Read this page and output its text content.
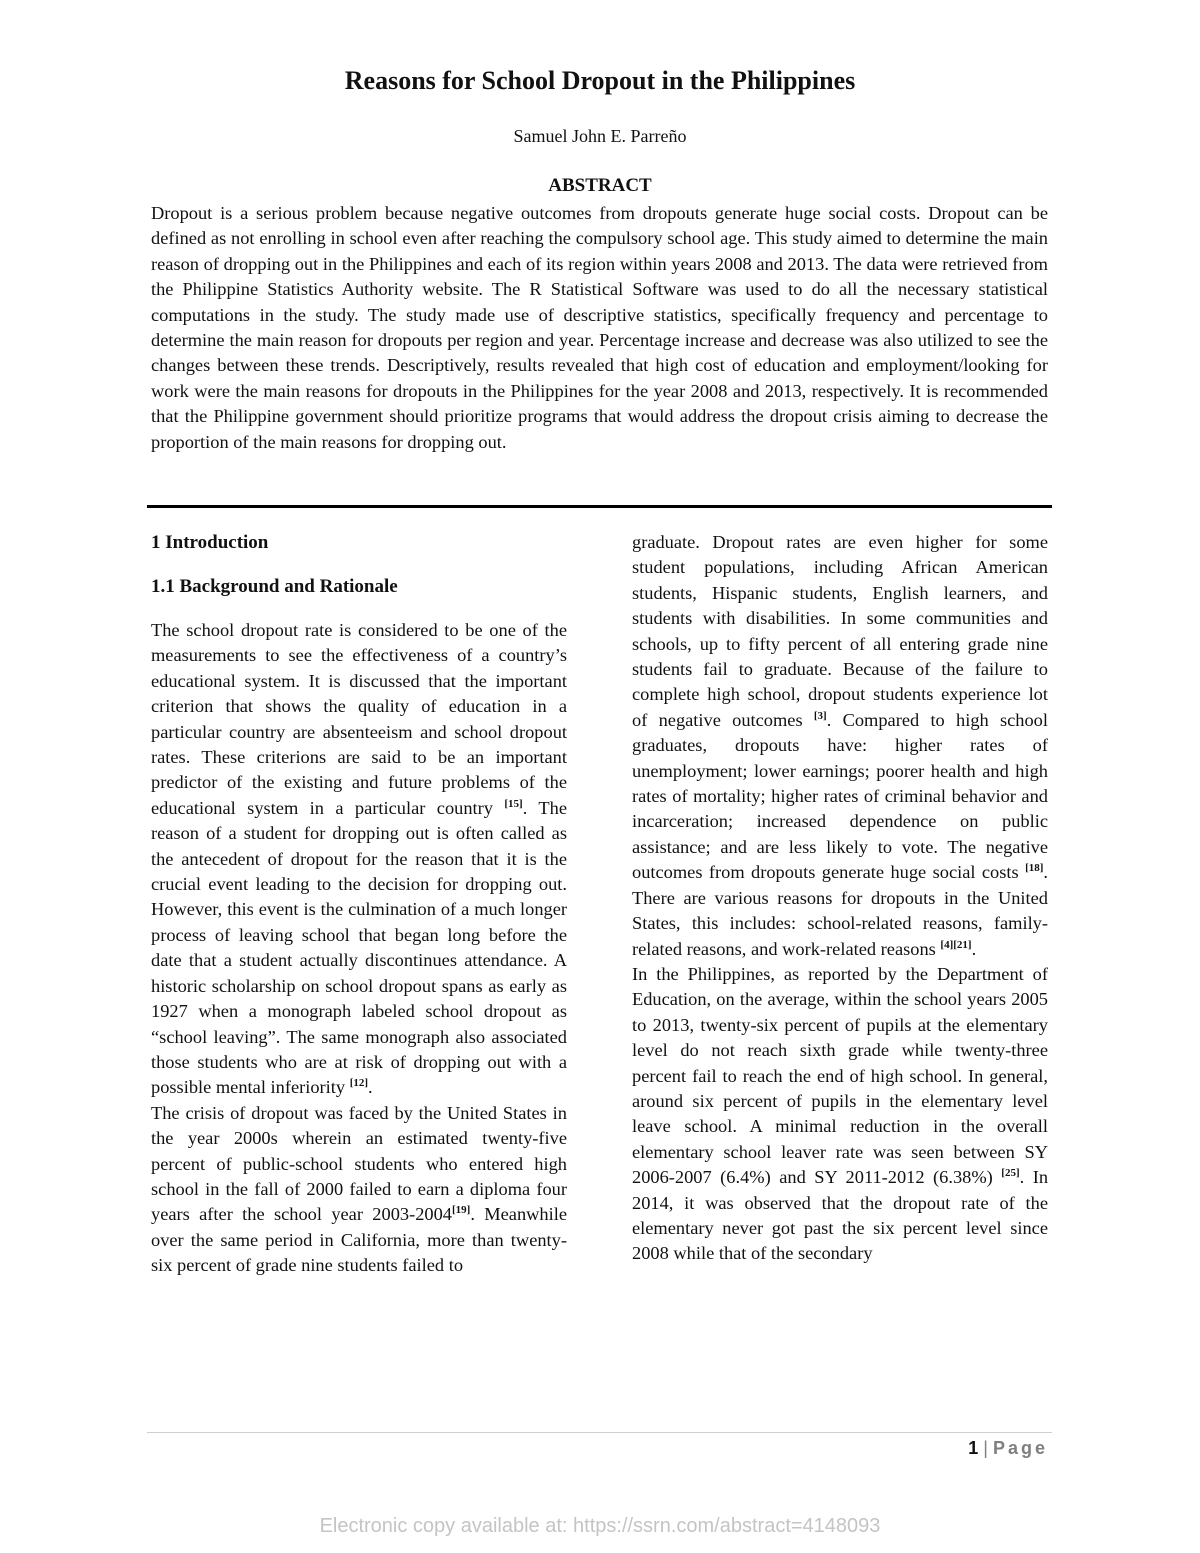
Reasons for School Dropout in the Philippines
Samuel John E. Parreño
ABSTRACT

Dropout is a serious problem because negative outcomes from dropouts generate huge social costs. Dropout can be defined as not enrolling in school even after reaching the compulsory school age. This study aimed to determine the main reason of dropping out in the Philippines and each of its region within years 2008 and 2013. The data were retrieved from the Philippine Statistics Authority website. The R Statistical Software was used to do all the necessary statistical computations in the study. The study made use of descriptive statistics, specifically frequency and percentage to determine the main reason for dropouts per region and year. Percentage increase and decrease was also utilized to see the changes between these trends. Descriptively, results revealed that high cost of education and employment/looking for work were the main reasons for dropouts in the Philippines for the year 2008 and 2013, respectively. It is recommended that the Philippine government should prioritize programs that would address the dropout crisis aiming to decrease the proportion of the main reasons for dropping out.

1 Introduction
1.1 Background and Rationale

The school dropout rate is considered to be one of the measurements to see the effectiveness of a country’s educational system. It is discussed that the important criterion that shows the quality of education in a particular country are absenteeism and school dropout rates. These criterions are said to be an important predictor of the existing and future problems of the educational system in a particular country [15]. The reason of a student for dropping out is often called as the antecedent of dropout for the reason that it is the crucial event leading to the decision for dropping out. However, this event is the culmination of a much longer process of leaving school that began long before the date that a student actually discontinues attendance. A historic scholarship on school dropout spans as early as 1927 when a monograph labeled school dropout as “school leaving”. The same monograph also associated those students who are at risk of dropping out with a possible mental inferiority [12].

The crisis of dropout was faced by the United States in the year 2000s wherein an estimated twenty-five percent of public-school students who entered high school in the fall of 2000 failed to earn a diploma four years after the school year 2003-2004[19]. Meanwhile over the same period in California, more than twenty-six percent of grade nine students failed to

graduate. Dropout rates are even higher for some student populations, including African American students, Hispanic students, English learners, and students with disabilities. In some communities and schools, up to fifty percent of all entering grade nine students fail to graduate. Because of the failure to complete high school, dropout students experience lot of negative outcomes [3]. Compared to high school graduates, dropouts have: higher rates of unemployment; lower earnings; poorer health and high rates of mortality; higher rates of criminal behavior and incarceration; increased dependence on public assistance; and are less likely to vote. The negative outcomes from dropouts generate huge social costs [18]. There are various reasons for dropouts in the United States, this includes: school-related reasons, family-related reasons, and work-related reasons [4][21].

In the Philippines, as reported by the Department of Education, on the average, within the school years 2005 to 2013, twenty-six percent of pupils at the elementary level do not reach sixth grade while twenty-three percent fail to reach the end of high school. In general, around six percent of pupils in the elementary level leave school. A minimal reduction in the overall elementary school leaver rate was seen between SY 2006-2007 (6.4%) and SY 2011-2012 (6.38%) [25]. In 2014, it was observed that the dropout rate of the elementary never got past the six percent level since 2008 while that of the secondary

1 | Page
Electronic copy available at: https://ssrn.com/abstract=4148093
